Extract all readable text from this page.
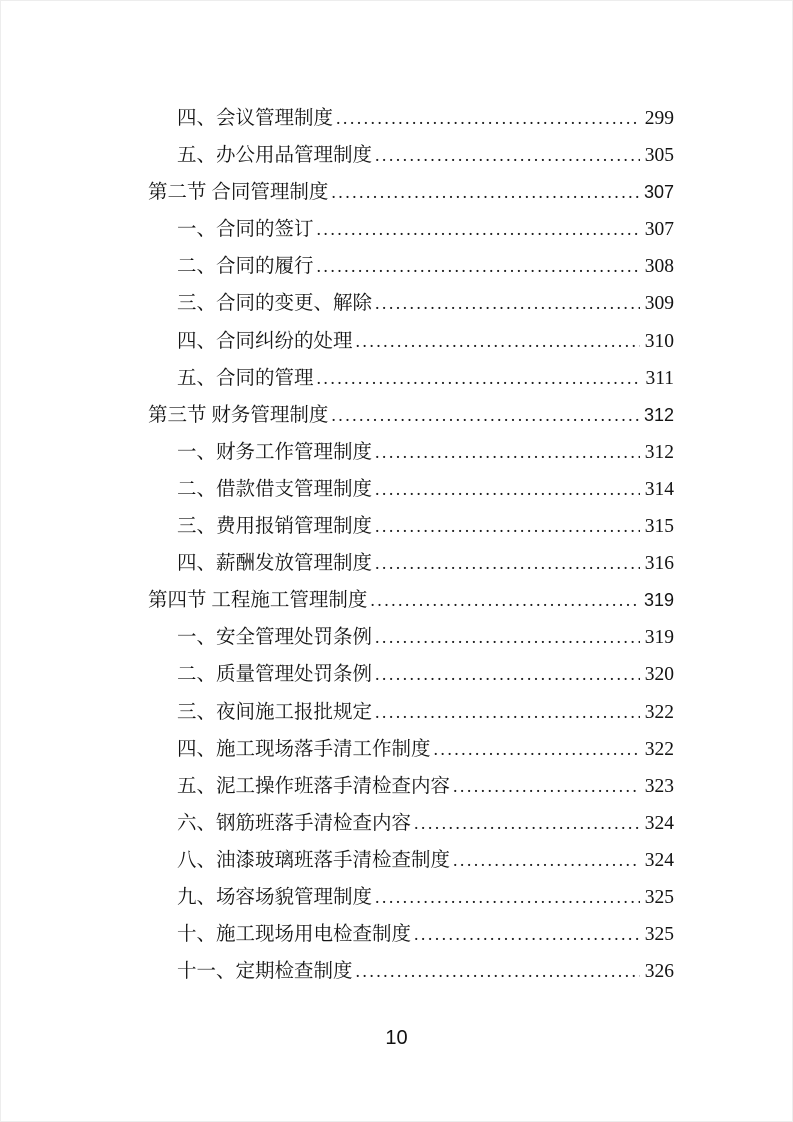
四、会议管理制度 .....	299
五、办公用品管理制度 .....	305
第二节 合同管理制度 .....	307
一、合同的签订 .....	307
二、合同的履行 .....	308
三、合同的变更、解除 .....	309
四、合同纠纷的处理 .....	310
五、合同的管理 .....	311
第三节 财务管理制度 .....	312
一、财务工作管理制度 .....	312
二、借款借支管理制度 .....	314
三、费用报销管理制度 .....	315
四、薪酬发放管理制度 .....	316
第四节 工程施工管理制度 .....	319
一、安全管理处罚条例 .....	319
二、质量管理处罚条例 .....	320
三、夜间施工报批规定 .....	322
四、施工现场落手清工作制度 .....	322
五、泥工操作班落手清检查内容 .....	323
六、钢筋班落手清检查内容 .....	324
八、油漆玻璃班落手清检查制度 .....	324
九、场容场貌管理制度 .....	325
十、施工现场用电检查制度 .....	325
十一、定期检查制度 .....	326
10
